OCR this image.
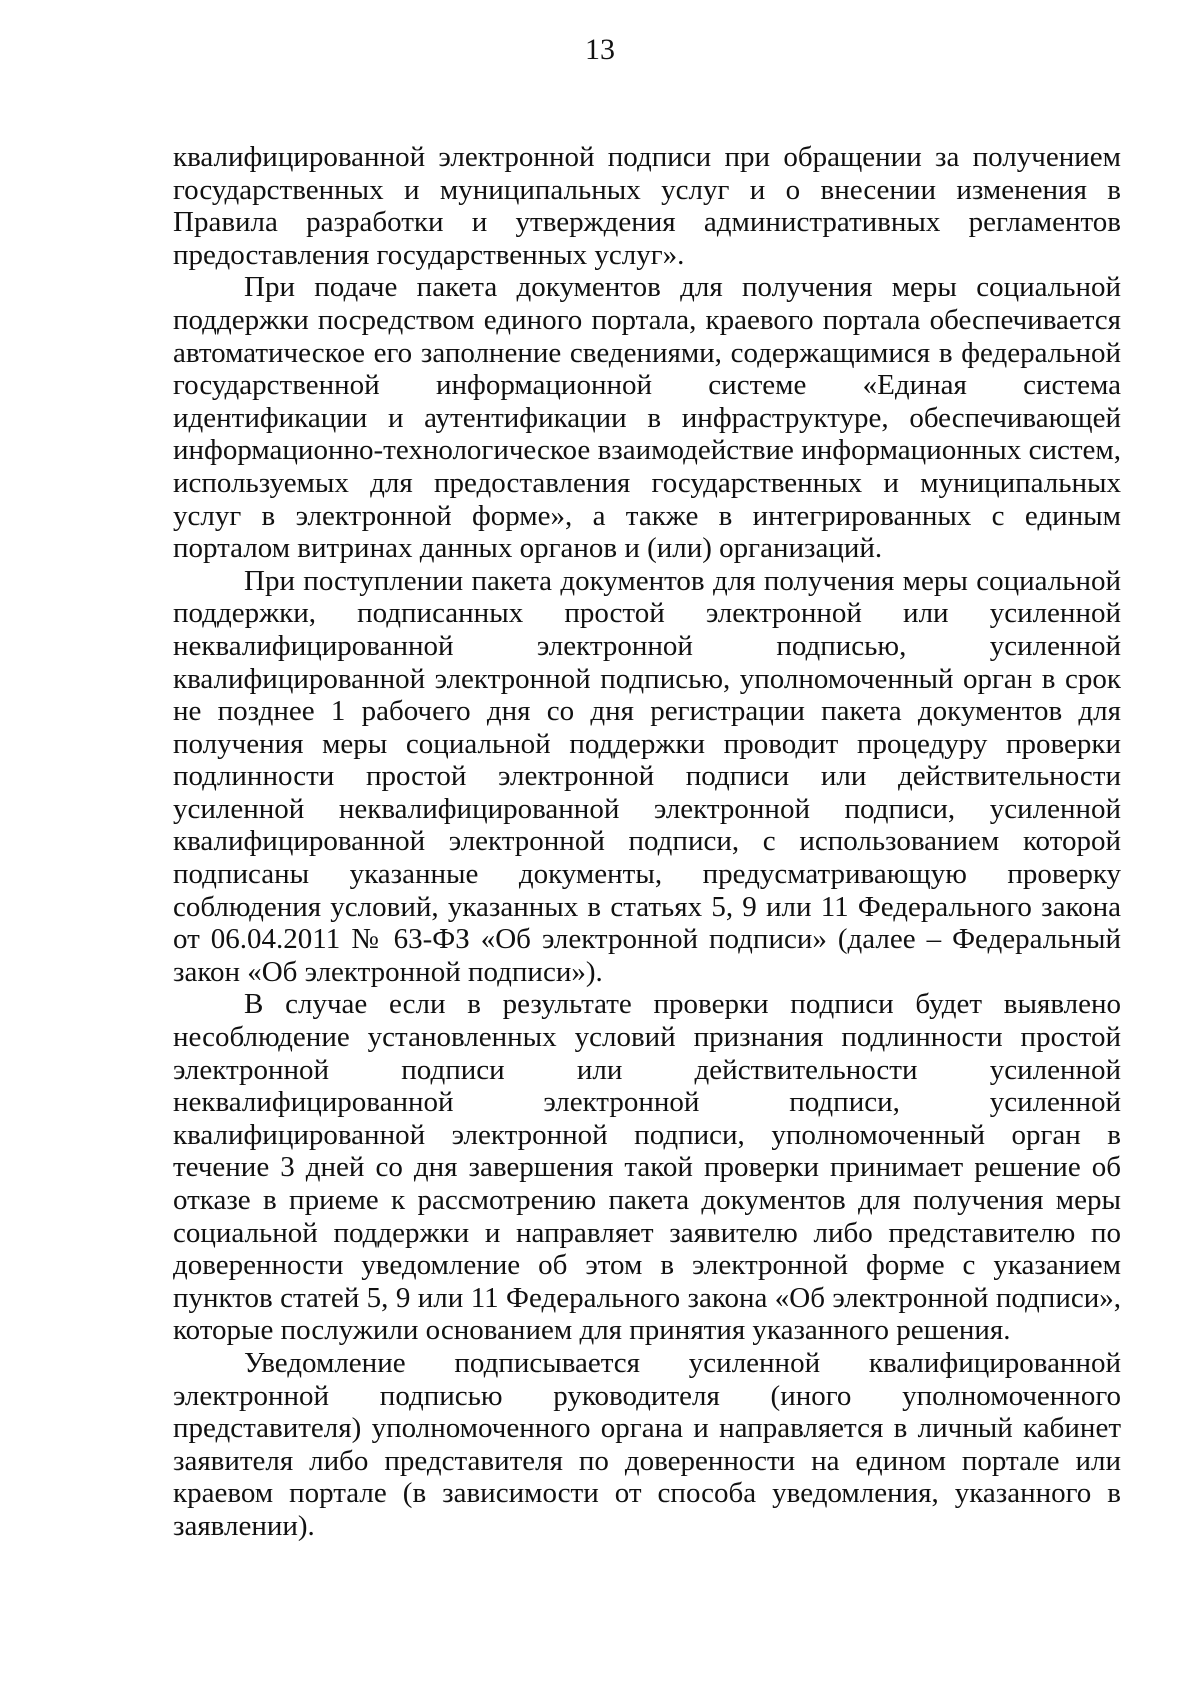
13

квалифицированной электронной подписи при обращении за получением государственных и муниципальных услуг и о внесении изменения в Правила разработки и утверждения административных регламентов предоставления государственных услуг».

При подаче пакета документов для получения меры социальной поддержки посредством единого портала, краевого портала обеспечивается автоматическое его заполнение сведениями, содержащимися в федеральной государственной информационной системе «Единая система идентификации и аутентификации в инфраструктуре, обеспечивающей информационно-технологическое взаимодействие информационных систем, используемых для предоставления государственных и муниципальных услуг в электронной форме», а также в интегрированных с единым порталом витринах данных органов и (или) организаций.

При поступлении пакета документов для получения меры социальной поддержки, подписанных простой электронной или усиленной неквалифицированной электронной подписью, усиленной квалифицированной электронной подписью, уполномоченный орган в срок не позднее 1 рабочего дня со дня регистрации пакета документов для получения меры социальной поддержки проводит процедуру проверки подлинности простой электронной подписи или действительности усиленной неквалифицированной электронной подписи, усиленной квалифицированной электронной подписи, с использованием которой подписаны указанные документы, предусматривающую проверку соблюдения условий, указанных в статьях 5, 9 или 11 Федерального закона от 06.04.2011 № 63-ФЗ «Об электронной подписи» (далее – Федеральный закон «Об электронной подписи»).

В случае если в результате проверки подписи будет выявлено несоблюдение установленных условий признания подлинности простой электронной подписи или действительности усиленной неквалифицированной электронной подписи, усиленной квалифицированной электронной подписи, уполномоченный орган в течение 3 дней со дня завершения такой проверки принимает решение об отказе в приеме к рассмотрению пакета документов для получения меры социальной поддержки и направляет заявителю либо представителю по доверенности уведомление об этом в электронной форме с указанием пунктов статей 5, 9 или 11 Федерального закона «Об электронной подписи», которые послужили основанием для принятия указанного решения.

Уведомление подписывается усиленной квалифицированной электронной подписью руководителя (иного уполномоченного представителя) уполномоченного органа и направляется в личный кабинет заявителя либо представителя по доверенности на едином портале или краевом портале (в зависимости от способа уведомления, указанного в заявлении).
